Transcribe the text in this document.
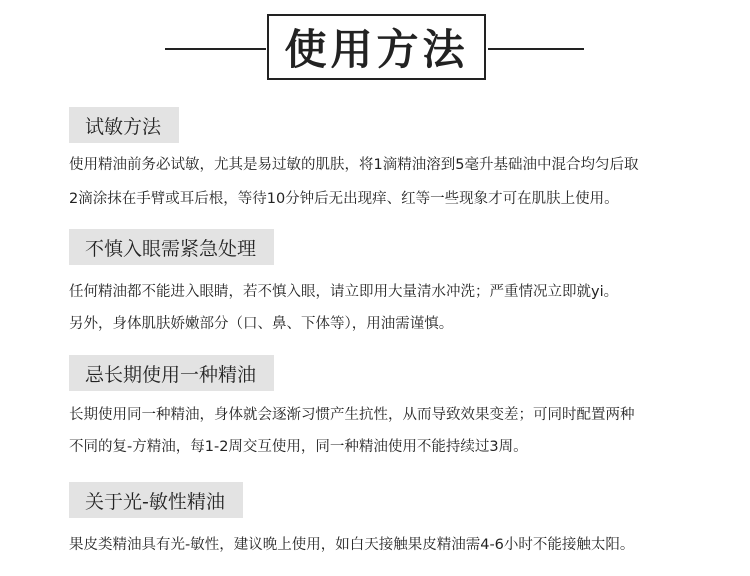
使用方法
试敏方法
使用精油前务必试敏，尤其是易过敏的肌肤，将1滴精油溶到5毫升基础油中混合均匀后取
2滴涂抹在手臂或耳后根，等待10分钟后无出现痒、红等一些现象才可在肌肤上使用。
不慎入眼需紧急处理
任何精油都不能进入眼睛，若不慎入眼，请立即用大量清水冲洗；严重情况立即就yi。
另外，身体肌肤娇嫩部分（口、鼻、下体等），用油需谨慎。
忌长期使用一种精油
长期使用同一种精油，身体就会逐渐习惯产生抗性，从而导致效果变差；可同时配置两种
不同的复-方精油，每1-2周交互使用，同一种精油使用不能持续过3周。
关于光-敏性精油
果皮类精油具有光-敏性，建议晚上使用，如白天接触果皮精油需4-6小时不能接触太阳。
